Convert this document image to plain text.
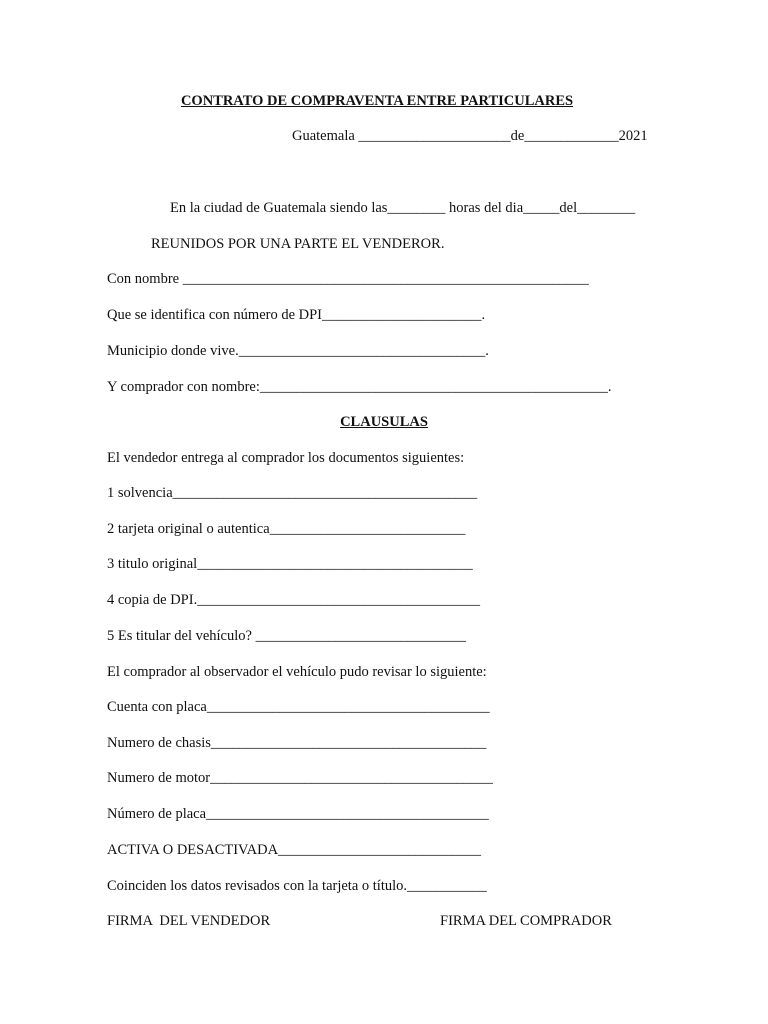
CONTRATO DE COMPRAVENTA ENTRE PARTICULARES
Guatemala _____________________de_____________2021
En la ciudad de Guatemala siendo las________ horas del dia_____del________
REUNIDOS POR UNA PARTE EL VENDEROR.
Con nombre ________________________________________________________
Que se identifica con número de DPI______________________.
Municipio donde vive.__________________________________.
Y comprador con nombre:________________________________________________.
CLAUSULAS
El vendedor entrega al comprador los documentos siguientes:
1 solvencia__________________________________________
2 tarjeta original o autentica___________________________
3 titulo original______________________________________
4 copia de DPI._______________________________________
5 Es titular del vehículo? _____________________________
El comprador al observador el vehículo pudo revisar lo siguiente:
Cuenta con placa_______________________________________
Numero de chasis______________________________________
Numero de motor_______________________________________
Número de placa_______________________________________
ACTIVA O DESACTIVADA____________________________
Coinciden los datos revisados con la tarjeta o título.___________
FIRMA  DEL VENDEDOR	FIRMA DEL COMPRADOR
